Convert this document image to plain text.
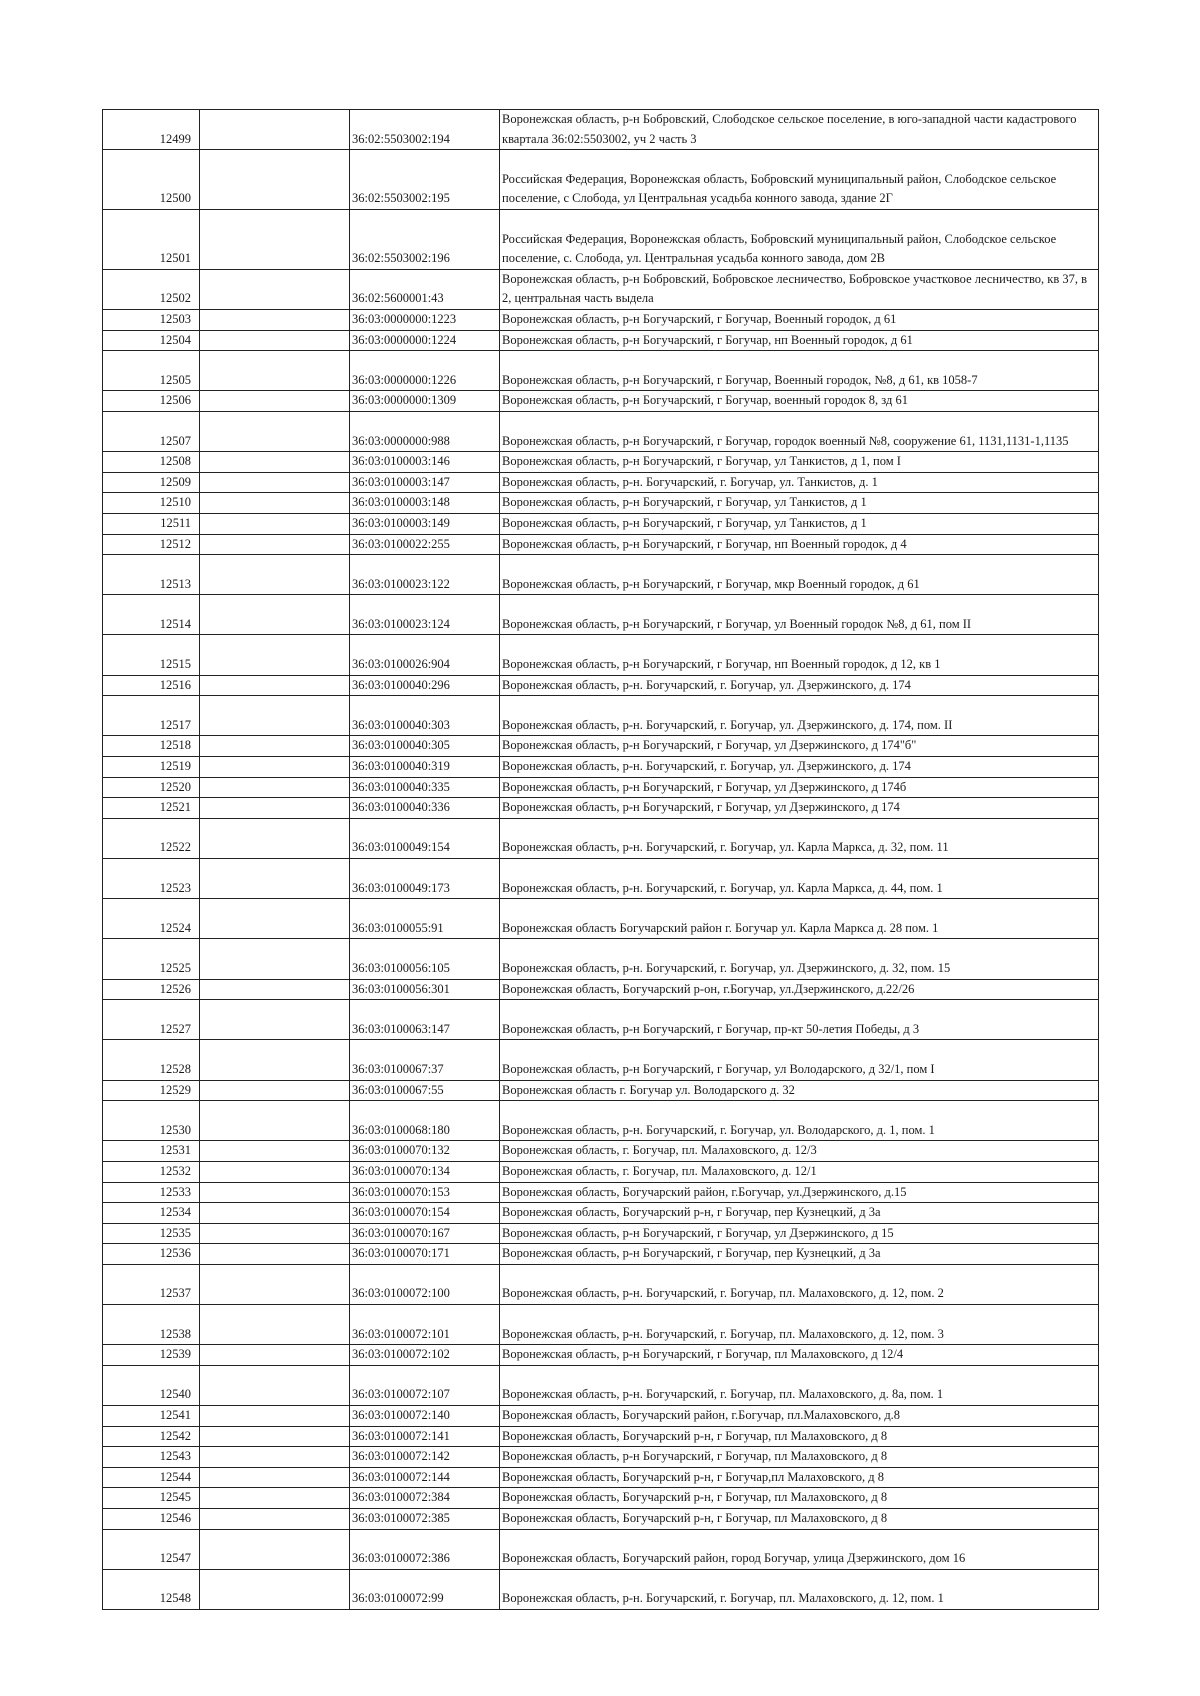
12499		36:02:5503002:194	Воронежская область, р-н Бобровский, Слободское сельское поселение, в юго-западной части кадастрового квартала 36:02:5503002, уч 2 часть 3
12500		36:02:5503002:195	Российская Федерация, Воронежская область, Бобровский муниципальный район, Слободское сельское поселение, с Слобода, ул Центральная усадьба конного завода, здание 2Г
12501		36:02:5503002:196	Российская Федерация, Воронежская область, Бобровский муниципальный район, Слободское сельское поселение, с. Слобода, ул. Центральная усадьба конного завода, дом 2В
12502		36:02:5600001:43	Воронежская область, р-н Бобровский, Бобровское лесничество, Бобровское участковое лесничество, кв 37, в 2, центральная часть выдела
12503		36:03:0000000:1223	Воронежская область, р-н Богучарский, г Богучар, Военный городок, д 61
12504		36:03:0000000:1224	Воронежская область, р-н Богучарский, г Богучар, нп Военный городок, д 61
12505		36:03:0000000:1226	Воронежская область, р-н Богучарский, г Богучар, Военный городок, №8, д 61, кв 1058-7
12506		36:03:0000000:1309	Воронежская область, р-н Богучарский, г Богучар, военный городок 8, зд 61
12507		36:03:0000000:988	Воронежская область, р-н Богучарский, г Богучар, городок военный №8, сооружение 61, 1131,1131-1,1135
12508		36:03:0100003:146	Воронежская область, р-н Богучарский, г Богучар, ул Танкистов, д 1, пом I
12509		36:03:0100003:147	Воронежская область, р-н. Богучарский, г. Богучар, ул. Танкистов, д. 1
12510		36:03:0100003:148	Воронежская область, р-н Богучарский, г Богучар, ул Танкистов, д 1
12511		36:03:0100003:149	Воронежская область, р-н Богучарский, г Богучар, ул Танкистов, д 1
12512		36:03:0100022:255	Воронежская область, р-н Богучарский, г Богучар, нп Военный городок, д 4
12513		36:03:0100023:122	Воронежская область, р-н Богучарский, г Богучар, мкр Военный городок, д 61
12514		36:03:0100023:124	Воронежская область, р-н Богучарский, г Богучар, ул Военный городок №8, д 61, пом II
12515		36:03:0100026:904	Воронежская область, р-н Богучарский, г Богучар, нп Военный городок, д 12, кв 1
12516		36:03:0100040:296	Воронежская область, р-н. Богучарский, г. Богучар, ул. Дзержинского, д. 174
12517		36:03:0100040:303	Воронежская область, р-н. Богучарский, г. Богучар, ул. Дзержинского, д. 174, пом. II
12518		36:03:0100040:305	Воронежская область, р-н Богучарский, г Богучар, ул Дзержинского, д 174"б"
12519		36:03:0100040:319	Воронежская область, р-н. Богучарский, г. Богучар, ул. Дзержинского, д. 174
12520		36:03:0100040:335	Воронежская область, р-н Богучарский, г Богучар, ул Дзержинского, д 174б
12521		36:03:0100040:336	Воронежская область, р-н Богучарский, г Богучар, ул Дзержинского, д 174
12522		36:03:0100049:154	Воронежская область, р-н. Богучарский, г. Богучар, ул. Карла Маркса, д. 32, пом. 11
12523		36:03:0100049:173	Воронежская область, р-н. Богучарский, г. Богучар, ул. Карла Маркса, д. 44, пом. 1
12524		36:03:0100055:91	Воронежская область Богучарский район г. Богучар ул. Карла Маркса д. 28 пом. 1
12525		36:03:0100056:105	Воронежская область, р-н. Богучарский, г. Богучар, ул. Дзержинского, д. 32, пом. 15
12526		36:03:0100056:301	Воронежская область, Богучарский р-он, г.Богучар, ул.Дзержинского, д.22/26
12527		36:03:0100063:147	Воронежская область, р-н Богучарский, г Богучар, пр-кт 50-летия Победы, д 3
12528		36:03:0100067:37	Воронежская область, р-н Богучарский, г Богучар, ул Володарского, д 32/1, пом I
12529		36:03:0100067:55	Воронежская область г. Богучар ул. Володарского д. 32
12530		36:03:0100068:180	Воронежская область, р-н. Богучарский, г. Богучар, ул. Володарского, д. 1, пом. 1
12531		36:03:0100070:132	Воронежская область, г. Богучар, пл. Малаховского, д. 12/3
12532		36:03:0100070:134	Воронежская область, г. Богучар, пл. Малаховского, д. 12/1
12533		36:03:0100070:153	Воронежская область, Богучарский район, г.Богучар, ул.Дзержинского, д.15
12534		36:03:0100070:154	Воронежская область, Богучарский р-н, г Богучар, пер Кузнецкий, д 3а
12535		36:03:0100070:167	Воронежская область, р-н Богучарский, г Богучар, ул Дзержинского, д 15
12536		36:03:0100070:171	Воронежская область, р-н Богучарский, г Богучар, пер Кузнецкий, д 3а
12537		36:03:0100072:100	Воронежская область, р-н. Богучарский, г. Богучар, пл. Малаховского, д. 12, пом. 2
12538		36:03:0100072:101	Воронежская область, р-н. Богучарский, г. Богучар, пл. Малаховского, д. 12, пом. 3
12539		36:03:0100072:102	Воронежская область, р-н Богучарский, г Богучар, пл Малаховского, д 12/4
12540		36:03:0100072:107	Воронежская область, р-н. Богучарский, г. Богучар, пл. Малаховского, д. 8а, пом. 1
12541		36:03:0100072:140	Воронежская область, Богучарский район, г.Богучар, пл.Малаховского, д.8
12542		36:03:0100072:141	Воронежская область, Богучарский р-н, г Богучар, пл Малаховского, д 8
12543		36:03:0100072:142	Воронежская область, р-н Богучарский, г Богучар, пл Малаховского, д 8
12544		36:03:0100072:144	Воронежская область, Богучарский р-н, г Богучар,пл Малаховского, д 8
12545		36:03:0100072:384	Воронежская область, Богучарский р-н, г Богучар, пл Малаховского, д 8
12546		36:03:0100072:385	Воронежская область, Богучарский р-н, г Богучар, пл Малаховского, д 8
12547		36:03:0100072:386	Воронежская область, Богучарский район, город Богучар, улица Дзержинского, дом 16
12548		36:03:0100072:99	Воронежская область, р-н. Богучарский, г. Богучар, пл. Малаховского, д. 12, пом. 1
